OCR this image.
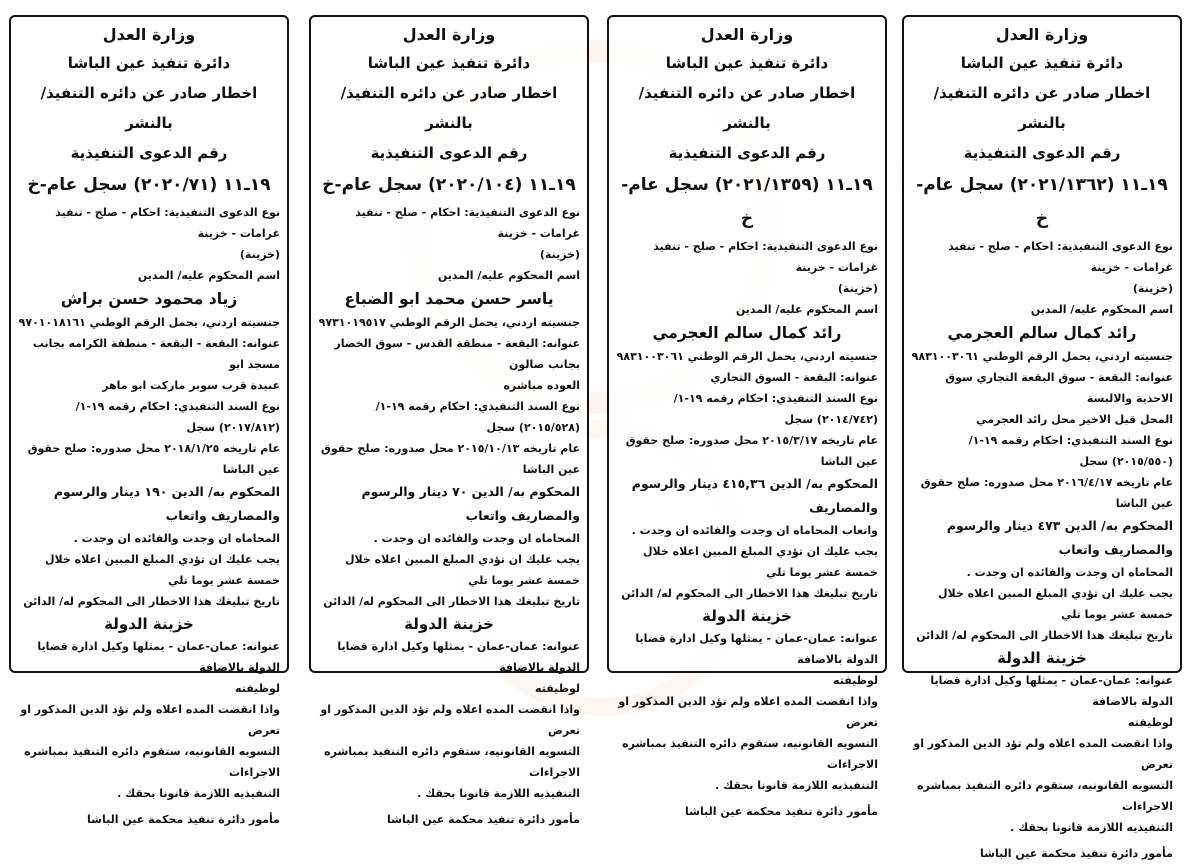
وزارة العدل

دائرة تنفيذ عين الباشا

اخطار صادر عن دائره التنفيذ/ بالنشر

رقم الدعوى التنفيذية

١٩ـ١١ (٢٠٢١/١٣٦٢) سجل عام-خ

نوع الدعوى التنفيذية: احكام - صلح - تنفيذ غرامات - خزينة

(خزينة)

اسم المحكوم عليه/ المدين

رائد كمال سالم العجرمي

جنسيته اردني، يحمل الرقم الوطني ٩٨٣١٠٠٣٠٦١

عنوانه: البقعة - سوق البقعة التجاري سوق الاحذية والالبسة

المحل قبل الاخير محل رائد العجرمي

نوع السند التنفيذي: احكام رقمه ١٩-١/ (٢٠١٥/٥٥٠) سجل

عام تاريخه ٢٠١٦/٤/١٧ محل صدوره: صلح حقوق عين الباشا

المحكوم به/ الدين ٤٧٣ دينار والرسوم والمصاريف واتعاب

المحاماه ان وجدت والفائده ان وجدت .

يجب عليك ان تؤدي المبلغ المبين اعلاه خلال خمسة عشر يوما تلي

تاريخ تبليغك هذا الاخطار الى المحكوم له/ الدائن

خزينة الدولة

عنوانه: عمان-عمان - يمثلها وكيل ادارة قضايا الدولة بالاضافة

لوظيفته

واذا انقضت المده اعلاه ولم تؤد الدين المذكور او تعرض

التسويه القانونيه، ستقوم دائره التنفيذ بمباشره الاجراءات

التنفيذيه اللازمة قانونا بحقك .

مأمور دائرة تنفيذ محكمة عين الباشا

وزارة العدل

دائرة تنفيذ عين الباشا

اخطار صادر عن دائره التنفيذ/ بالنشر

رقم الدعوى التنفيذية

١٩ـ١١ (٢٠٢١/١٣٥٩) سجل عام-خ

نوع الدعوى التنفيذية: احكام - صلح - تنفيذ غرامات - خزينة

(خزينة)

اسم المحكوم عليه/ المدين

رائد كمال سالم العجرمي

جنسيته اردني، يحمل الرقم الوطني ٩٨٣١٠٠٣٠٦١

عنوانه: البقعة - السوق التجاري

نوع السند التنفيذي: احكام رقمه ١٩-١/ (٢٠١٤/٧٤٢) سجل

عام تاريخه ٢٠١٥/٣/١٧ محل صدوره: صلح حقوق عين الباشا

المحكوم به/ الدين ٤١٥,٣٦ دينار والرسوم والمصاريف

واتعاب المحاماه ان وجدت والفائده ان وجدت .

يجب عليك ان تؤدي المبلغ المبين اعلاه خلال خمسة عشر يوما تلي

تاريخ تبليغك هذا الاخطار الى المحكوم له/ الدائن

خزينة الدولة

عنوانه: عمان-عمان - يمثلها وكيل ادارة قضايا الدولة بالاضافة

لوظيفته

واذا انقضت المده اعلاه ولم تؤد الدين المذكور او تعرض

التسويه القانونيه، ستقوم دائره التنفيذ بمباشره الاجراءات

التنفيذيه اللازمة قانونا بحقك .

مأمور دائرة تنفيذ محكمة عين الباشا

وزارة العدل

دائرة تنفيذ عين الباشا

اخطار صادر عن دائره التنفيذ/ بالنشر

رقم الدعوى التنفيذية

١٩ـ١١ (٢٠٢٠/١٠٤) سجل عام-خ

نوع الدعوى التنفيذية: احكام - صلح - تنفيذ غرامات - خزينة

(خزينة)

اسم المحكوم عليه/ المدين

ياسر حسن محمد ابو الضباع

جنسيته اردني، يحمل الرقم الوطني ٩٧٣١٠١٩٥١٧

عنوانه: البقعة - منطقة القدس - سوق الخضار بجانب صالون

العوده مباشره

نوع السند التنفيذي: احكام رقمه ١٩-١/ (٢٠١٥/٥٢٨) سجل

عام تاريخه ٢٠١٥/١٠/١٣ محل صدوره: صلح حقوق عين الباشا

المحكوم به/ الدين ٧٠ دينار والرسوم والمصاريف واتعاب

المحاماه ان وجدت والفائده ان وجدت .

يجب عليك ان تؤدي المبلغ المبين اعلاه خلال خمسة عشر يوما تلي

تاريخ تبليغك هذا الاخطار الى المحكوم له/ الدائن

خزينة الدولة

عنوانه: عمان-عمان - يمثلها وكيل ادارة قضايا الدولة بالاضافة

لوظيفته

واذا انقضت المده اعلاه ولم تؤد الدين المذكور او تعرض

التسويه القانونيه، ستقوم دائره التنفيذ بمباشره الاجراءات

التنفيذيه اللازمة قانونا بحقك .

مأمور دائرة تنفيذ محكمة عين الباشا

وزارة العدل

دائرة تنفيذ عين الباشا

اخطار صادر عن دائره التنفيذ/ بالنشر

رقم الدعوى التنفيذية

١٩ـ١١ (٢٠٢٠/٧١) سجل عام-خ

نوع الدعوى التنفيذية: احكام - صلح - تنفيذ غرامات - خزينة

(خزينة)

اسم المحكوم عليه/ المدين

زياد محمود حسن براش

جنسيته اردني، يحمل الرقم الوطني ٩٧٠١٠١٨١٦١

عنوانه: البقعة - البقعة - منطقة الكرامه بجانب مسجد ابو

عبيدة قرب سوبر ماركت ابو ماهر

نوع السند التنفيذي: احكام رقمه ١٩-١/ (٢٠١٧/٨١٢) سجل

عام تاريخه ٢٠١٨/١/٢٥ محل صدوره: صلح حقوق عين الباشا

المحكوم به/ الدين ١٩٠ دينار والرسوم والمصاريف واتعاب

المحاماه ان وجدت والفائده ان وجدت .

يجب عليك ان تؤدي المبلغ المبين اعلاه خلال خمسة عشر يوما تلي

تاريخ تبليغك هذا الاخطار الى المحكوم له/ الدائن

خزينة الدولة

عنوانه: عمان-عمان - يمثلها وكيل ادارة قضايا الدولة بالاضافة

لوظيفته

واذا انقضت المده اعلاه ولم تؤد الدين المذكور او تعرض

التسويه القانونيه، ستقوم دائره التنفيذ بمباشره الاجراءات

التنفيذيه اللازمة قانونا بحقك .

مأمور دائرة تنفيذ محكمة عين الباشا
